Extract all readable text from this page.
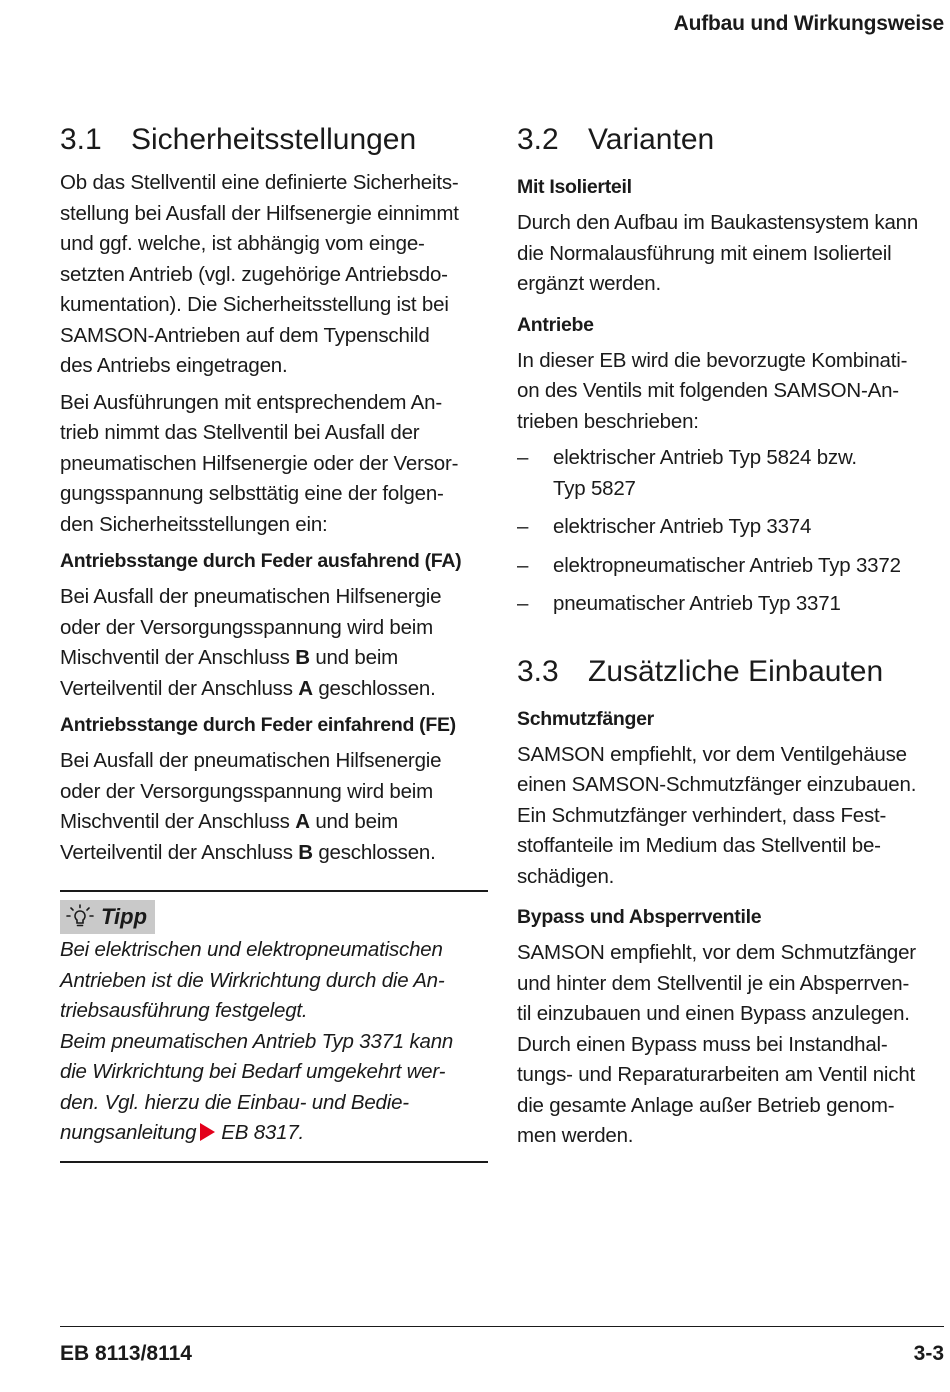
Aufbau und Wirkungsweise
3.1 Sicherheitsstellungen

Ob das Stellventil eine definierte Sicherheits-
stellung bei Ausfall der Hilfsenergie einnimmt
und ggf. welche, ist abhängig vom einge-
setzten Antrieb (vgl. zugehörige Antriebsdo-
kumentation). Die Sicherheitsstellung ist bei
SAMSON-Antrieben auf dem Typenschild
des Antriebs eingetragen.

Bei Ausführungen mit entsprechendem An-
trieb nimmt das Stellventil bei Ausfall der
pneumatischen Hilfsenergie oder der Versor-
gungsspannung selbsttätig eine der folgen-
den Sicherheitsstellungen ein:

Antriebsstange durch Feder ausfahrend (FA)

Bei Ausfall der pneumatischen Hilfsenergie
oder der Versorgungsspannung wird beim
Mischventil der Anschluss B und beim
Verteilventil der Anschluss A geschlossen.

Antriebsstange durch Feder einfahrend (FE)

Bei Ausfall der pneumatischen Hilfsenergie
oder der Versorgungsspannung wird beim
Mischventil der Anschluss A und beim
Verteilventil der Anschluss B geschlossen.

Tipp

Bei elektrischen und elektropneumatischen
Antrieben ist die Wirkrichtung durch die An-
triebsausführung festgelegt.
Beim pneumatischen Antrieb Typ 3371 kann
die Wirkrichtung bei Bedarf umgekehrt wer-
den. Vgl. hierzu die Einbau- und Bedie-
nungsanleitung EB 8317.

3.2 Varianten
Mit Isolierteil

Durch den Aufbau im Baukastensystem kann
die Normalausführung mit einem Isolierteil
ergänzt werden.

Antriebe

In dieser EB wird die bevorzugte Kombinati-
on des Ventils mit folgenden SAMSON-An-
trieben beschrieben:

– elektrischer Antrieb Typ 5824 bzw.
Typ 5827
– elektrischer Antrieb Typ 3374
– elektropneumatischer Antrieb Typ 3372
– pneumatischer Antrieb Typ 3371
3.3 Zusätzliche Einbauten
Schmutzfänger

SAMSON empfiehlt, vor dem Ventilgehäuse
einen SAMSON-Schmutzfänger einzubauen.
Ein Schmutzfänger verhindert, dass Fest-
stoffanteile im Medium das Stellventil be-
schädigen.

Bypass und Absperrventile

SAMSON empfiehlt, vor dem Schmutzfänger
und hinter dem Stellventil je ein Absperrven-
til einzubauen und einen Bypass anzulegen.
Durch einen Bypass muss bei Instandhal-
tungs- und Reparaturarbeiten am Ventil nicht
die gesamte Anlage außer Betrieb genom-
men werden.

EB 8113/8114	3-3
